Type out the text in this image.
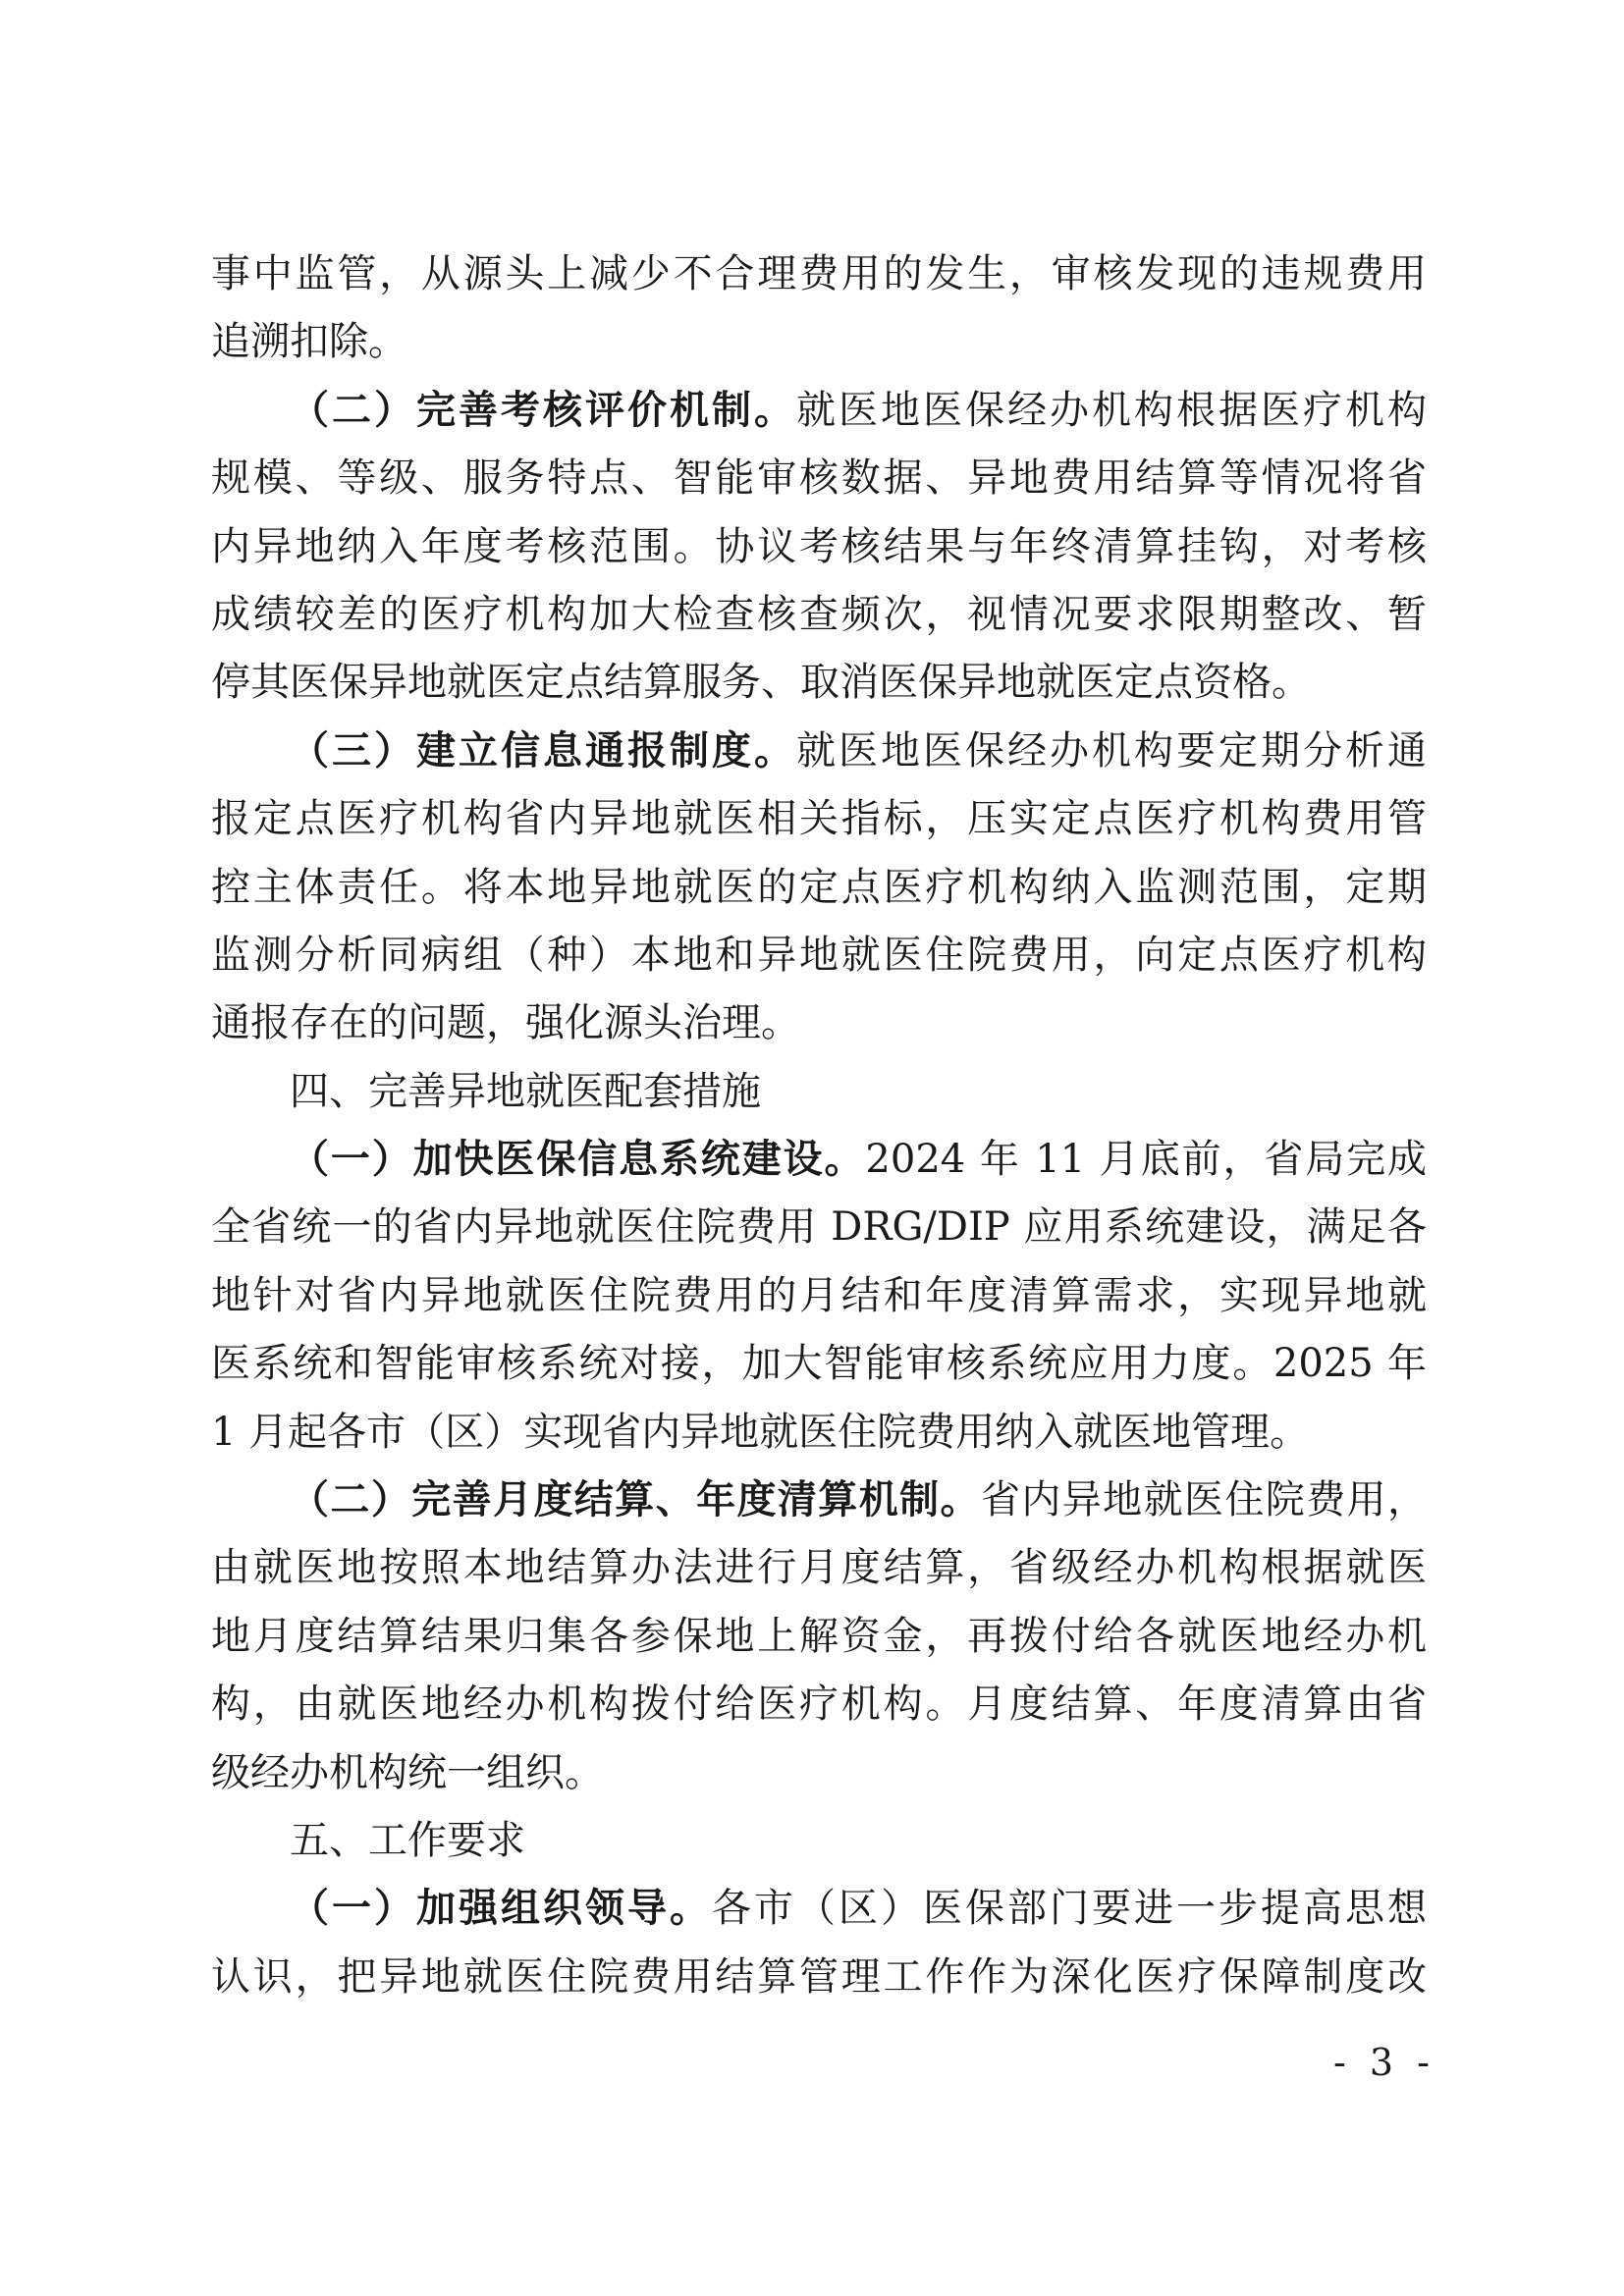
事中监管，从源头上减少不合理费用的发生，审核发现的违规费用
追溯扣除。
（二）完善考核评价机制。就医地医保经办机构根据医疗机构
规模、等级、服务特点、智能审核数据、异地费用结算等情况将省
内异地纳入年度考核范围。协议考核结果与年终清算挂钩，对考核
成绩较差的医疗机构加大检查核查频次，视情况要求限期整改、暂
停其医保异地就医定点结算服务、取消医保异地就医定点资格。
（三）建立信息通报制度。就医地医保经办机构要定期分析通
报定点医疗机构省内异地就医相关指标，压实定点医疗机构费用管
控主体责任。将本地异地就医的定点医疗机构纳入监测范围，定期
监测分析同病组（种）本地和异地就医住院费用，向定点医疗机构
通报存在的问题，强化源头治理。
四、完善异地就医配套措施
（一）加快医保信息系统建设。2024 年 11 月底前，省局完成
全省统一的省内异地就医住院费用 DRG/DIP 应用系统建设，满足各
地针对省内异地就医住院费用的月结和年度清算需求，实现异地就
医系统和智能审核系统对接，加大智能审核系统应用力度。2025 年
1 月起各市（区）实现省内异地就医住院费用纳入就医地管理。
（二）完善月度结算、年度清算机制。省内异地就医住院费用，
由就医地按照本地结算办法进行月度结算，省级经办机构根据就医
地月度结算结果归集各参保地上解资金，再拨付给各就医地经办机
构，由就医地经办机构拨付给医疗机构。月度结算、年度清算由省
级经办机构统一组织。
五、工作要求
（一）加强组织领导。各市（区）医保部门要进一步提高思想
认识，把异地就医住院费用结算管理工作作为深化医疗保障制度改
- 3 -
